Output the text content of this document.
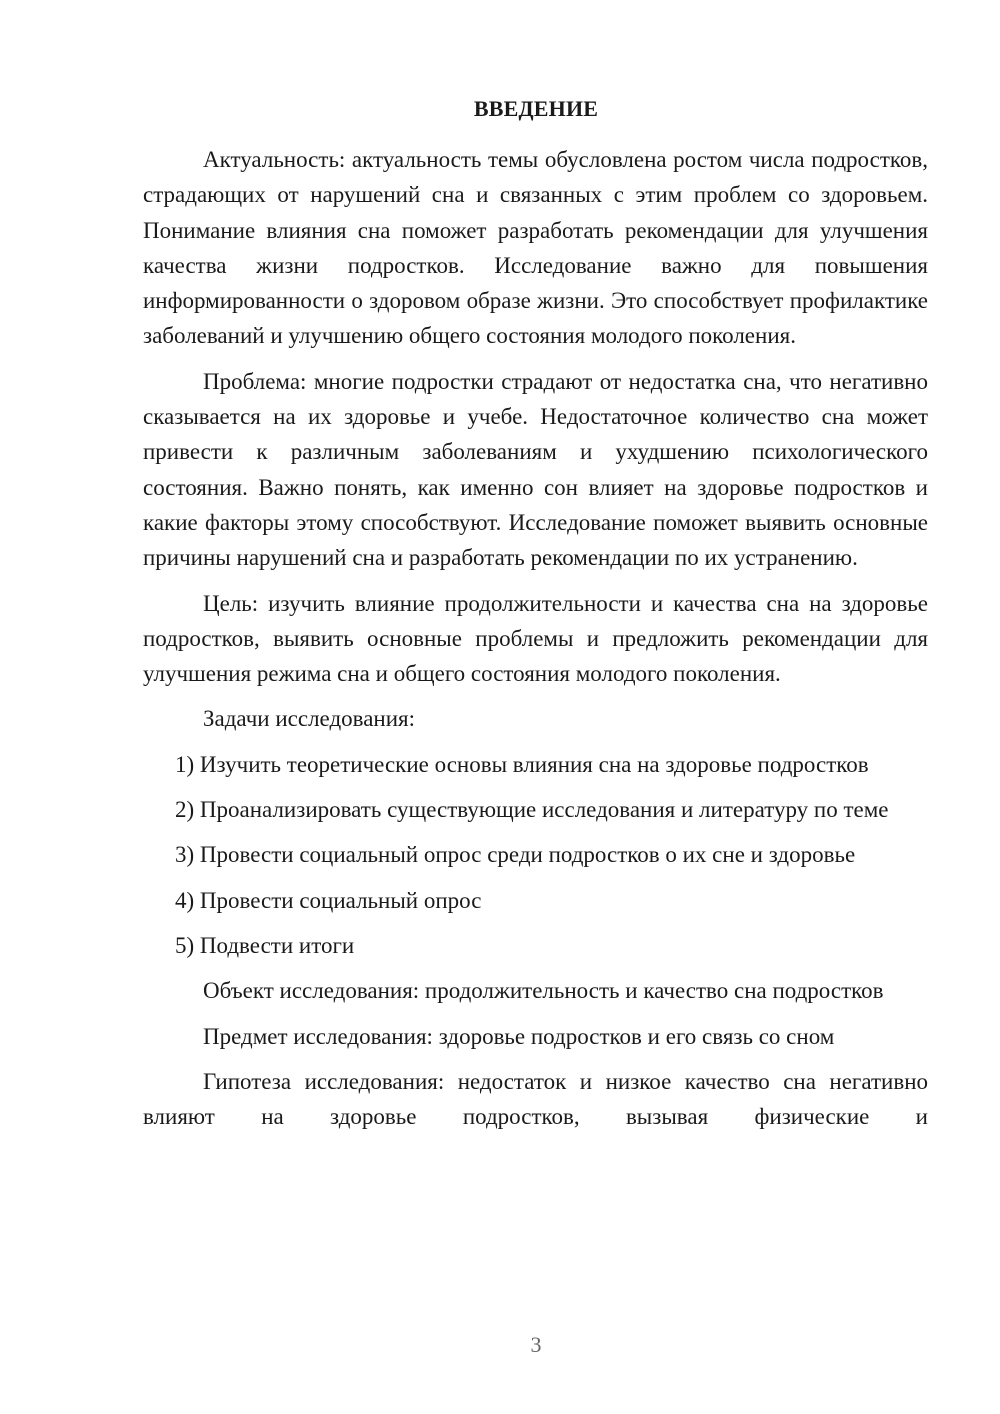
ВВЕДЕНИЕ

Актуальность: актуальность темы обусловлена ростом числа подростков, страдающих от нарушений сна и связанных с этим проблем со здоровьем. Понимание влияния сна поможет разработать рекомендации для улучшения качества жизни подростков. Исследование важно для повышения информированности о здоровом образе жизни. Это способствует профилактике заболеваний и улучшению общего состояния молодого поколения.

Проблема: многие подростки страдают от недостатка сна, что негативно сказывается на их здоровье и учебе. Недостаточное количество сна может привести к различным заболеваниям и ухудшению психологического состояния. Важно понять, как именно сон влияет на здоровье подростков и какие факторы этому способствуют. Исследование поможет выявить основные причины нарушений сна и разработать рекомендации по их устранению.

Цель: изучить влияние продолжительности и качества сна на здоровье подростков, выявить основные проблемы и предложить рекомендации для улучшения режима сна и общего состояния молодого поколения.

Задачи исследования:

1) Изучить теоретические основы влияния сна на здоровье подростков

2) Проанализировать существующие исследования и литературу по теме

3) Провести социальный опрос среди подростков о их сне и здоровье

4) Провести социальный опрос

5) Подвести итоги

Объект исследования: продолжительность и качество сна подростков

Предмет исследования: здоровье подростков и его связь со сном

Гипотеза исследования: недостаток и низкое качество сна негативно влияют на здоровье подростков, вызывая физические и

3
